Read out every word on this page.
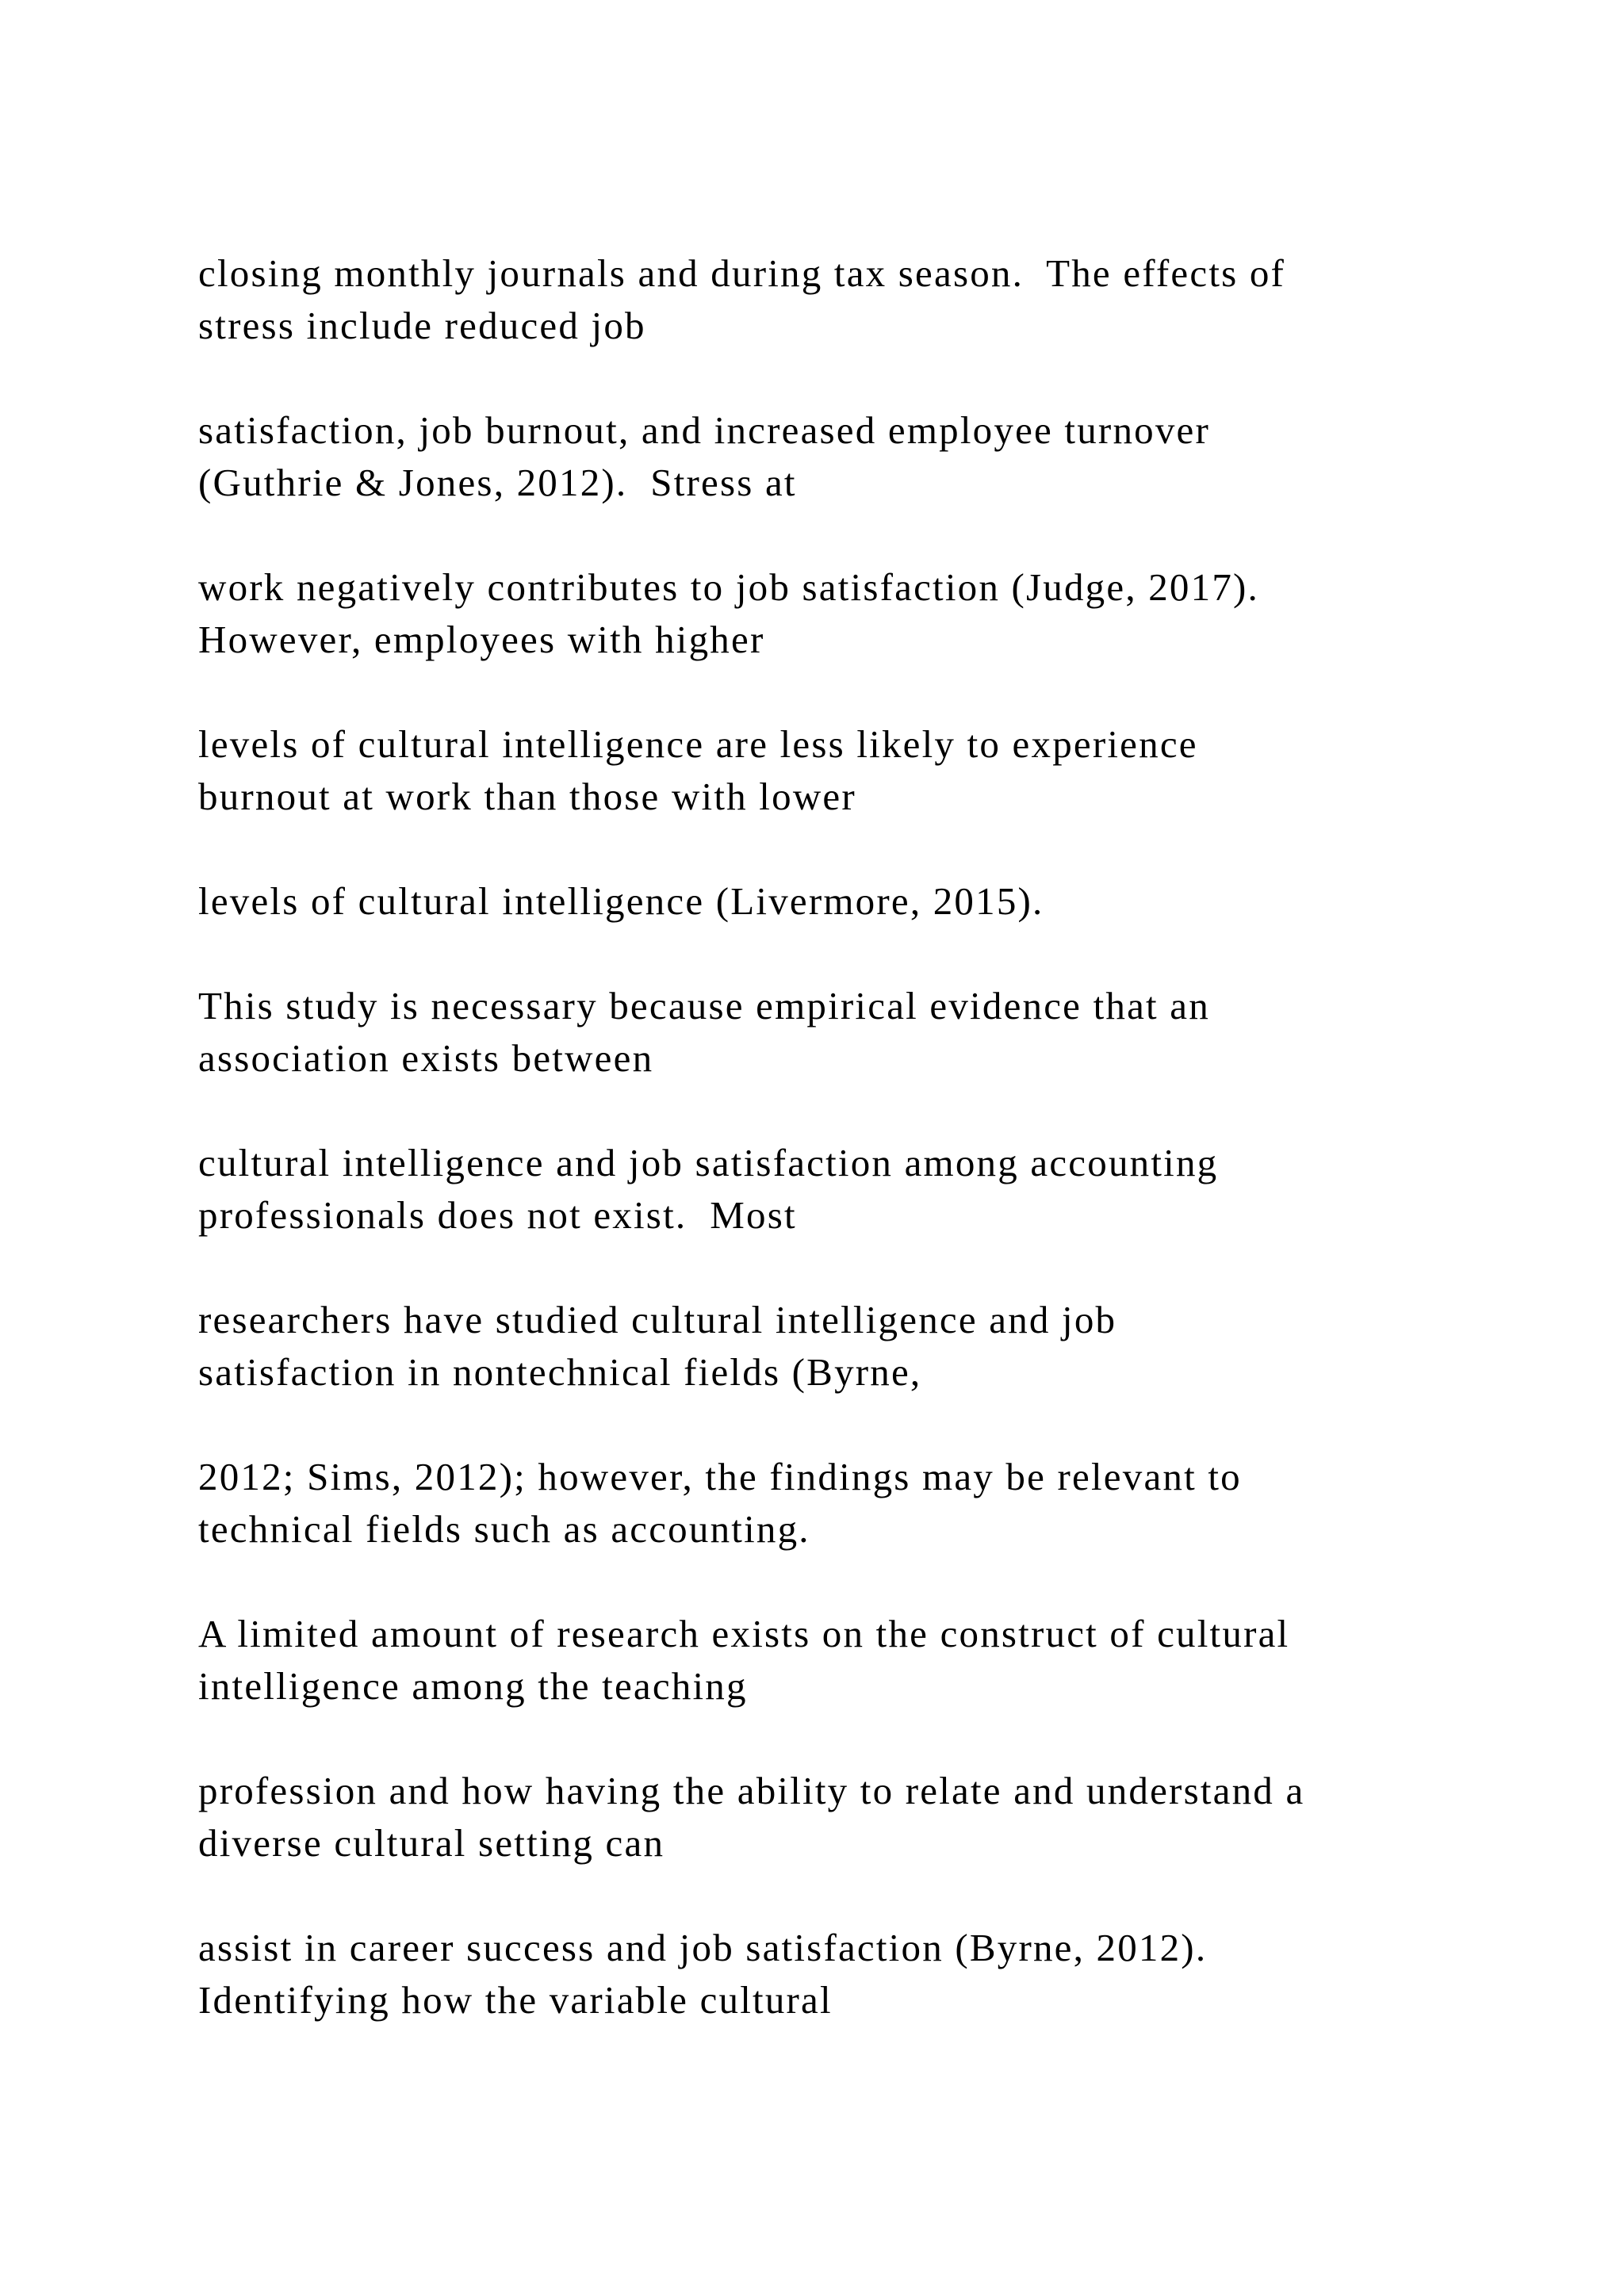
closing monthly journals and during tax season.  The effects of
stress include reduced job

satisfaction, job burnout, and increased employee turnover
(Guthrie & Jones, 2012).  Stress at

work negatively contributes to job satisfaction (Judge, 2017).
However, employees with higher

levels of cultural intelligence are less likely to experience
burnout at work than those with lower

levels of cultural intelligence (Livermore, 2015).

This study is necessary because empirical evidence that an
association exists between

cultural intelligence and job satisfaction among accounting
professionals does not exist.  Most

researchers have studied cultural intelligence and job
satisfaction in nontechnical fields (Byrne,

2012; Sims, 2012); however, the findings may be relevant to
technical fields such as accounting.

A limited amount of research exists on the construct of cultural
intelligence among the teaching

profession and how having the ability to relate and understand a
diverse cultural setting can

assist in career success and job satisfaction (Byrne, 2012).
Identifying how the variable cultural
